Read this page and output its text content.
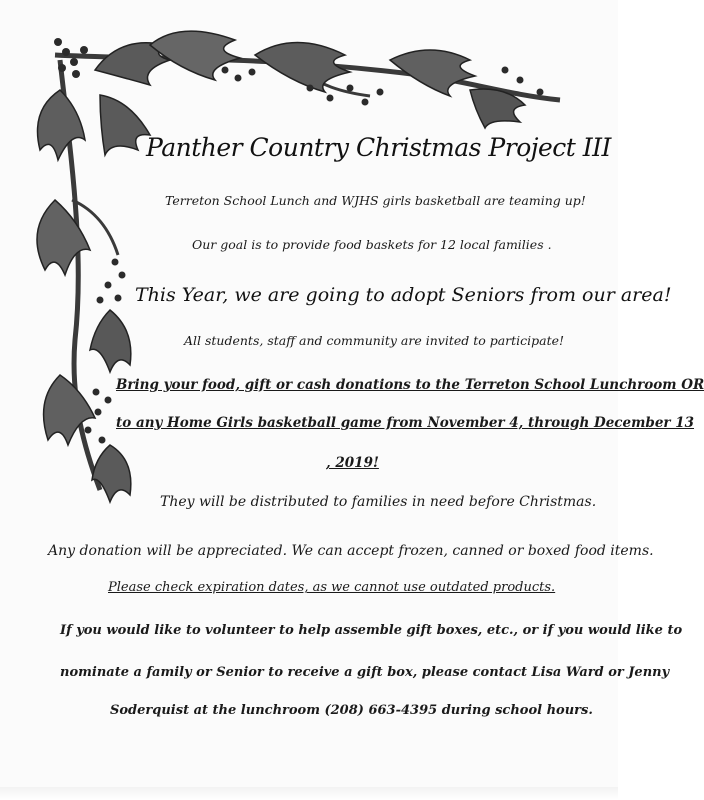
Panther Country Christmas Project III
Terreton School Lunch and WJHS girls basketball are teaming up!
Our goal is to provide food baskets for 12 local families .
This Year, we are going to adopt Seniors from our area!
All students, staff and community are invited to participate!
Bring your food, gift or cash donations to the Terreton School Lunchroom OR
to any Home Girls basketball game from November 4, through December 13
, 2019!
They will be distributed to families in need before Christmas.
Any donation will be appreciated. We can accept frozen, canned or boxed food items.
Please check expiration dates, as we cannot use outdated products.
If you would like to volunteer to help assemble gift boxes, etc., or if you would like to
nominate a family or Senior to receive a gift box, please contact Lisa Ward or Jenny
Soderquist at the lunchroom (208) 663-4395 during school hours.
